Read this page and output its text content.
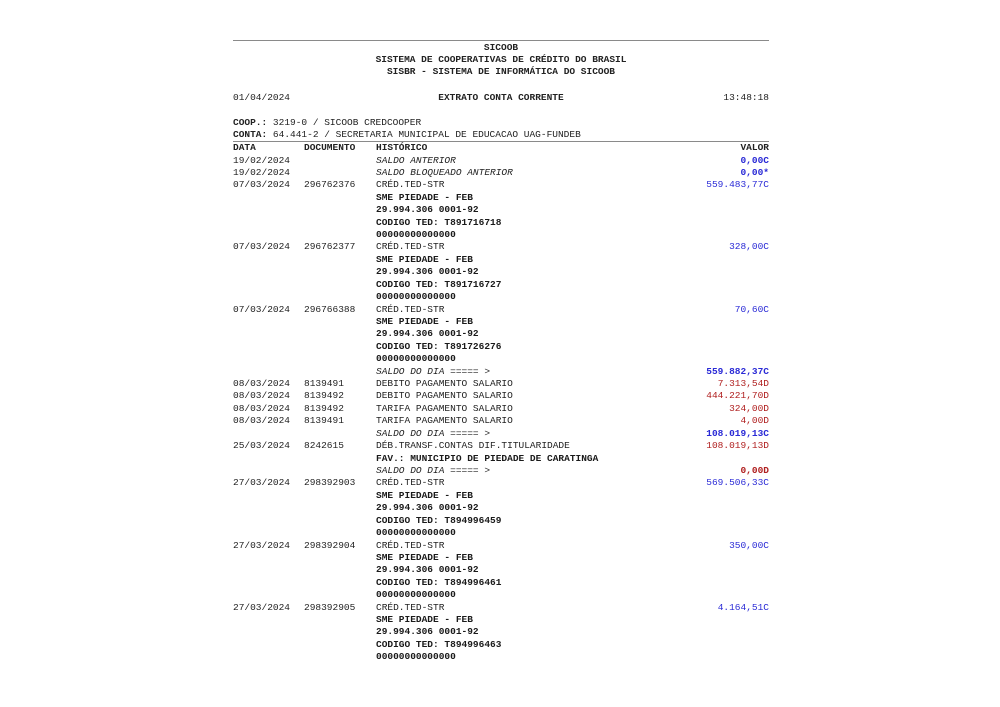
SICOOB
SISTEMA DE COOPERATIVAS DE CRÉDITO DO BRASIL
SISBR - SISTEMA DE INFORMÁTICA DO SICOOB
01/04/2024	EXTRATO CONTA CORRENTE	13:48:18
COOP.: 3219-0 / SICOOB CREDCOOPER
CONTA: 64.441-2 / SECRETARIA MUNICIPAL DE EDUCACAO UAG-FUNDEB
DATA	DOCUMENTO HISTÓRICO	VALOR
19/02/2024	SALDO ANTERIOR	0,00C
19/02/2024	SALDO BLOQUEADO ANTERIOR	0,00*
07/03/2024 296762376 CRÉD.TED-STR	559.483,77C
SME PIEDADE - FEB
29.994.306 0001-92
CODIGO TED: T891716718
00000000000000
07/03/2024 296762377 CRÉD.TED-STR	328,00C
SME PIEDADE - FEB
29.994.306 0001-92
CODIGO TED: T891716727
00000000000000
07/03/2024 296766388 CRÉD.TED-STR	70,60C
SME PIEDADE - FEB
29.994.306 0001-92
CODIGO TED: T891726276
00000000000000
SALDO DO DIA ===== >	559.882,37C
08/03/2024 8139491	DEBITO PAGAMENTO SALARIO	7.313,54D
08/03/2024 8139492	DEBITO PAGAMENTO SALARIO	444.221,70D
08/03/2024 8139492	TARIFA PAGAMENTO SALARIO	324,00D
08/03/2024 8139491	TARIFA PAGAMENTO SALARIO	4,00D
SALDO DO DIA ===== >	108.019,13C
25/03/2024 8242615	DÉB.TRANSF.CONTAS DIF.TITULARIDADE	108.019,13D
FAV.: MUNICIPIO DE PIEDADE DE CARATINGA
SALDO DO DIA ===== >	0,00D
27/03/2024 298392903 CRÉD.TED-STR	569.506,33C
SME PIEDADE - FEB
29.994.306 0001-92
CODIGO TED: T894996459
00000000000000
27/03/2024 298392904 CRÉD.TED-STR	350,00C
SME PIEDADE - FEB
29.994.306 0001-92
CODIGO TED: T894996461
00000000000000
27/03/2024 298392905 CRÉD.TED-STR	4.164,51C
SME PIEDADE - FEB
29.994.306 0001-92
CODIGO TED: T894996463
00000000000000
